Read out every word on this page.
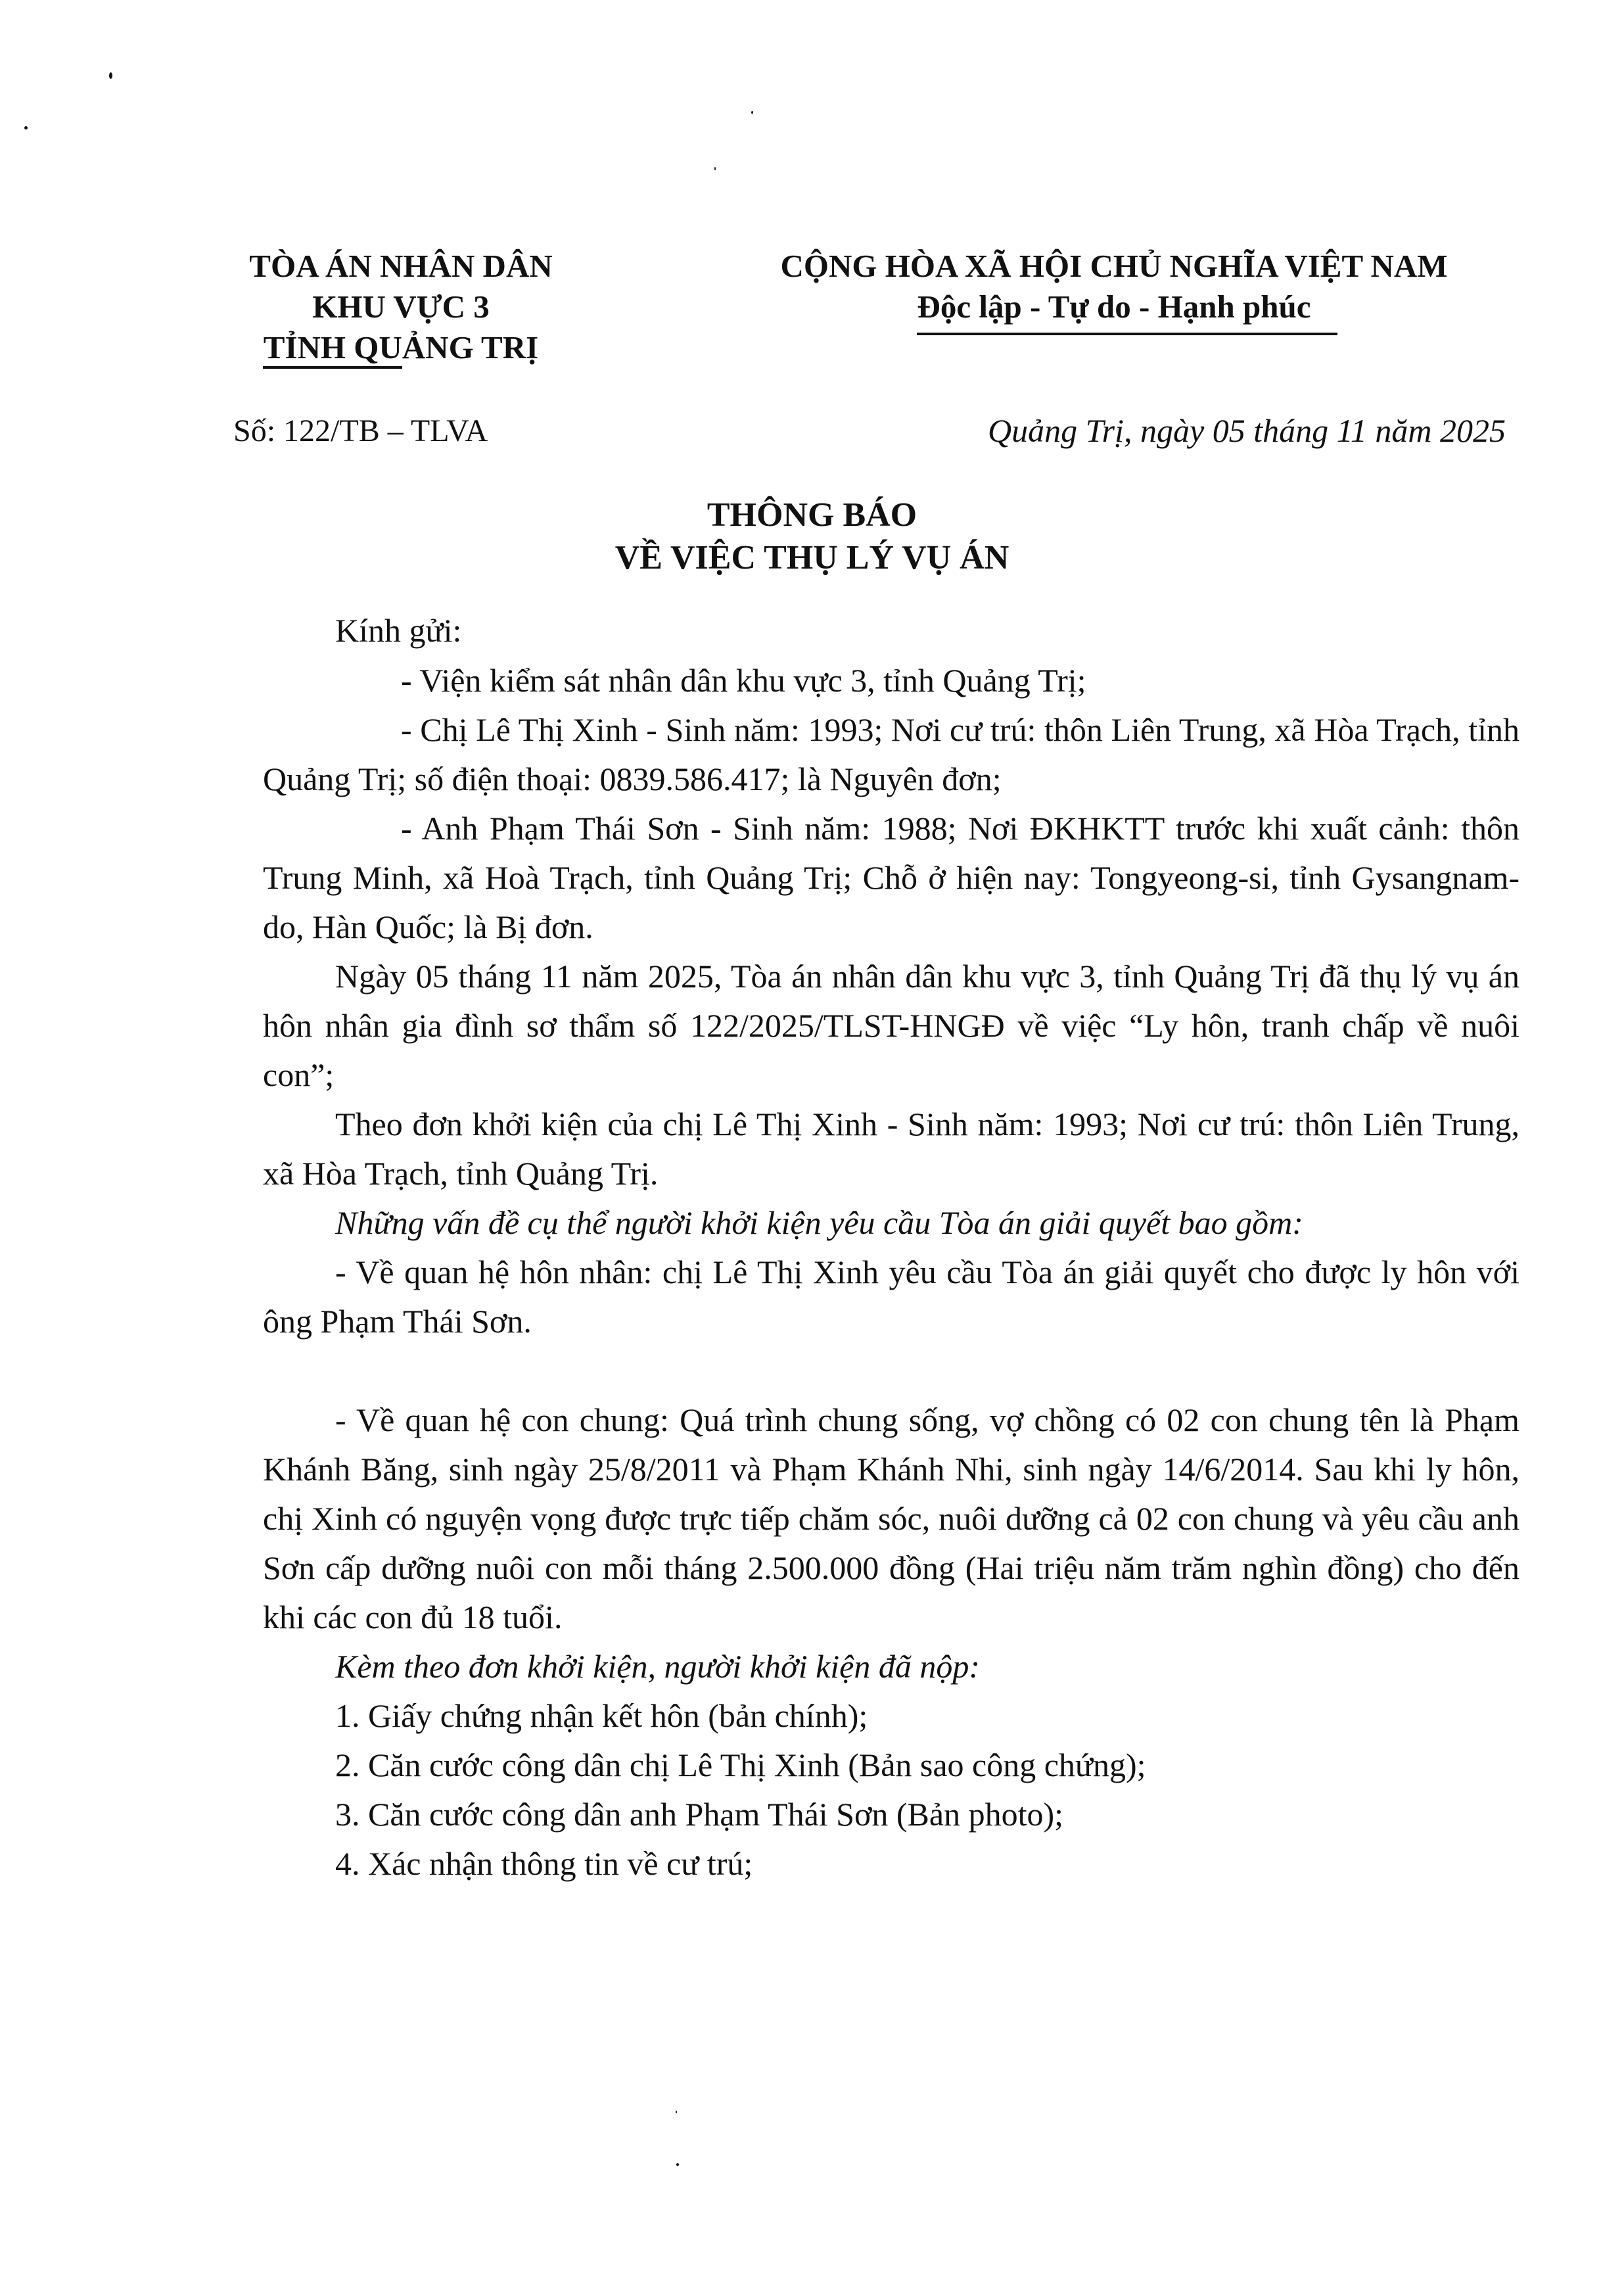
TÒA ÁN NHÂN DÂN
KHU VỰC 3
TỈNH QUẢNG TRỊ
CỘNG HÒA XÃ HỘI CHỦ NGHĨA VIỆT NAM
Độc lập - Tự do - Hạnh phúc
Số: 122/TB – TLVA	Quảng Trị, ngày 05 tháng 11 năm 2025
THÔNG BÁO
VỀ VIỆC THỤ LÝ VỤ ÁN
Kính gửi:
- Viện kiểm sát nhân dân khu vực 3, tỉnh Quảng Trị;
- Chị Lê Thị Xinh - Sinh năm: 1993; Nơi cư trú: thôn Liên Trung, xã Hòa Trạch, tỉnh Quảng Trị; số điện thoại: 0839.586.417; là Nguyên đơn;
- Anh Phạm Thái Sơn - Sinh năm: 1988; Nơi ĐKHKTT trước khi xuất cảnh: thôn Trung Minh, xã Hoà Trạch, tỉnh Quảng Trị; Chỗ ở hiện nay: Tongyeong-si, tỉnh Gysangnam-do, Hàn Quốc; là Bị đơn.
Ngày 05 tháng 11 năm 2025, Tòa án nhân dân khu vực 3, tỉnh Quảng Trị đã thụ lý vụ án hôn nhân gia đình sơ thẩm số 122/2025/TLST-HNGĐ về việc “Ly hôn, tranh chấp về nuôi con”;
Theo đơn khởi kiện của chị Lê Thị Xinh - Sinh năm: 1993; Nơi cư trú: thôn Liên Trung, xã Hòa Trạch, tỉnh Quảng Trị.
Những vấn đề cụ thể người khởi kiện yêu cầu Tòa án giải quyết bao gồm:
- Về quan hệ hôn nhân: chị Lê Thị Xinh yêu cầu Tòa án giải quyết cho được ly hôn với ông Phạm Thái Sơn.
- Về quan hệ con chung: Quá trình chung sống, vợ chồng có 02 con chung tên là Phạm Khánh Băng, sinh ngày 25/8/2011 và Phạm Khánh Nhi, sinh ngày 14/6/2014. Sau khi ly hôn, chị Xinh có nguyện vọng được trực tiếp chăm sóc, nuôi dưỡng cả 02 con chung và yêu cầu anh Sơn cấp dưỡng nuôi con mỗi tháng 2.500.000 đồng (Hai triệu năm trăm nghìn đồng) cho đến khi các con đủ 18 tuổi.
Kèm theo đơn khởi kiện, người khởi kiện đã nộp:
1. Giấy chứng nhận kết hôn (bản chính);
2. Căn cước công dân chị Lê Thị Xinh (Bản sao công chứng);
3. Căn cước công dân anh Phạm Thái Sơn (Bản photo);
4. Xác nhận thông tin về cư trú;
